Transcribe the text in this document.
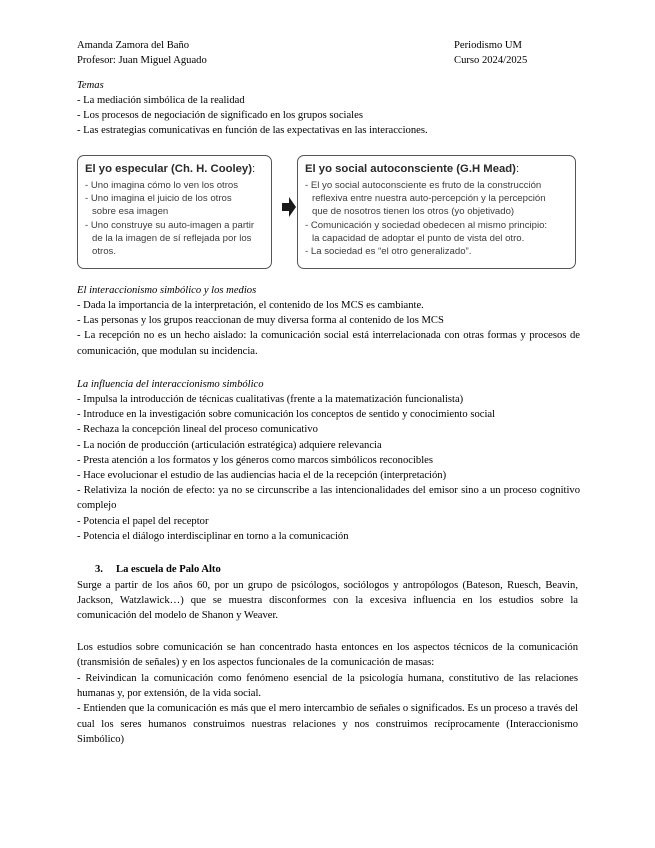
Amanda Zamora del Baño
Profesor: Juan Miguel Aguado
Periodismo UM
Curso 2024/2025
Temas
- La mediación simbólica de la realidad
- Los procesos de negociación de significado en los grupos sociales
- Las estrategias comunicativas en función de las expectativas en las interacciones.
El yo especular (Ch. H. Cooley):
- Uno imagina cómo lo ven los otros
- Uno imagina el juicio de los otros
sobre esa imagen
- Uno construye su auto-imagen a partir
de la la imagen de sí reflejada por los
otros.
El yo social autoconsciente (G.H Mead):
- El yo social autoconsciente es fruto de la construcción
reflexiva entre nuestra auto-percepción y la percepción
que de nosotros tienen los otros (yo objetivado)
- Comunicación y sociedad obedecen al mismo principio:
la capacidad de adoptar el punto de vista del otro.
- La sociedad es “el otro generalizado”.
El interaccionismo simbólico y los medios
- Dada la importancia de la interpretación, el contenido de los MCS es cambiante.
- Las personas y los grupos reaccionan de muy diversa forma al contenido de los MCS
- La recepción no es un hecho aislado: la comunicación social está interrelacionada con otras formas y procesos de comunicación, que modulan su incidencia.
La influencia del interaccionismo simbólico
- Impulsa la introducción de técnicas cualitativas (frente a la matematización funcionalista)
- Introduce en la investigación sobre comunicación los conceptos de sentido y conocimiento social
- Rechaza la concepción lineal del proceso comunicativo
- La noción de producción (articulación estratégica) adquiere relevancia
- Presta atención a los formatos y los géneros como marcos simbólicos reconocibles
- Hace evolucionar el estudio de las audiencias hacia el de la recepción (interpretación)
- Relativiza la noción de efecto: ya no se circunscribe a las intencionalidades del emisor sino a un proceso cognitivo complejo
- Potencia el papel del receptor
- Potencia el diálogo interdisciplinar en torno a la comunicación
3. La escuela de Palo Alto
Surge a partir de los años 60, por un grupo de psicólogos, sociólogos y antropólogos (Bateson, Ruesch, Beavin, Jackson, Watzlawick…) que se muestra disconformes con la excesiva influencia en los estudios sobre la comunicación del modelo de Shanon y Weaver.
Los estudios sobre comunicación se han concentrado hasta entonces en los aspectos técnicos de la comunicación (transmisión de señales) y en los aspectos funcionales de la comunicación de masas:
- Reivindican la comunicación como fenómeno esencial de la psicología humana, constitutivo de las relaciones humanas y, por extensión, de la vida social.
- Entienden que la comunicación es más que el mero intercambio de señales o significados. Es un proceso a través del cual los seres humanos construimos nuestras relaciones y nos construimos recíprocamente (Interaccionismo Simbólico)
